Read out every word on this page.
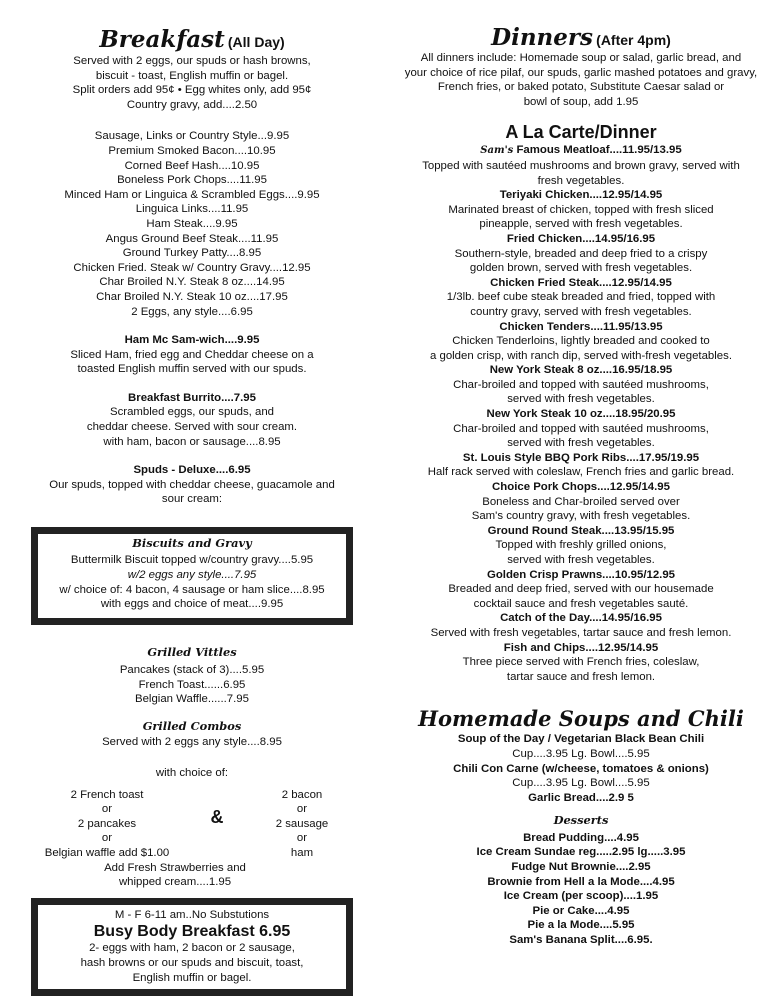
Breakfast (All Day)

Served with 2 eggs, our spuds or hash browns,
biscuit - toast, English muffin or bagel.
Split orders add 95¢ • Egg whites only, add 95¢
Country gravy, add....2.50
Sausage, Links or Country Style...9.95
Premium Smoked Bacon....10.95
Corned Beef Hash....10.95
Boneless Pork Chops....11.95
Minced Ham or Linguica & Scrambled Eggs....9.95
Linguica Links....11.95
Ham Steak....9.95
Angus Ground Beef Steak....11.95
Ground Turkey Patty....8.95
Chicken Fried. Steak w/ Country Gravy....12.95
Char Broiled N.Y. Steak 8 oz....14.95
Char Broiled N.Y. Steak 10 oz....17.95
2 Eggs, any style....6.95
Ham Mc Sam-wich....9.95
Sliced Ham, fried egg and Cheddar cheese on a
toasted English muffin served with our spuds.
Breakfast Burrito....7.95
Scrambled eggs, our spuds, and
cheddar cheese. Served with sour cream.
with ham, bacon or sausage....8.95
Spuds - Deluxe....6.95
Our spuds, topped with cheddar cheese, guacamole and
sour cream:

Biscuits and Gravy

Buttermilk Biscuit topped w/country gravy....5.95
w/2 eggs any style....7.95
w/ choice of: 4 bacon, 4 sausage or ham slice....8.95
with eggs and choice of meat....9.95

Grilled Vittles

Pancakes (stack of 3)....5.95
French Toast......6.95
Belgian Waffle......7.95

Grilled Combos

Served with 2 eggs any style....8.95
with choice of:
2 French toast
or
2 pancakes
or
Belgian waffle add $1.00
&
2 bacon
or
2 sausage
or
ham
Add Fresh Strawberries and
whipped cream....1.95
M - F 6-11 am..No Substutions
Busy Body Breakfast 6.95
2- eggs with ham, 2 bacon or 2 sausage,
hash browns or our spuds and biscuit, toast,
English muffin or bagel.

Dinners (After 4pm)

All dinners include: Homemade soup or salad, garlic bread, and
your choice of rice pilaf, our spuds, garlic mashed potatoes and gravy,
French fries, or baked potato, Substitute Caesar salad or
bowl of soup, add 1.95
A La Carte/Dinner
Sam's Famous Meatloaf....11.95/13.95
Topped with sautéed mushrooms and brown gravy, served with
fresh vegetables.
Teriyaki Chicken....12.95/14.95
Marinated breast of chicken, topped with fresh sliced
pineapple, served with fresh vegetables.
Fried Chicken....14.95/16.95
Southern-style, breaded and deep fried to a crispy
golden brown, served with fresh vegetables.
Chicken Fried Steak....12.95/14.95
1/3lb. beef cube steak breaded and fried, topped with
country gravy, served with fresh vegetables.
Chicken Tenders....11.95/13.95
Chicken Tenderloins, lightly breaded and cooked to
a golden crisp, with ranch dip, served with-fresh vegetables.
New York Steak 8 oz....16.95/18.95
Char-broiled and topped with sautéed mushrooms,
served with fresh vegetables.
New York Steak 10 oz....18.95/20.95
Char-broiled and topped with sautéed mushrooms,
served with fresh vegetables.
St. Louis Style BBQ Pork Ribs....17.95/19.95
Half rack served with coleslaw, French fries and garlic bread.
Choice Pork Chops....12.95/14.95
Boneless and Char-broiled served over
Sam's country gravy, with fresh vegetables.
Ground Round Steak....13.95/15.95
Topped with freshly grilled onions,
served with fresh vegetables.
Golden Crisp Prawns....10.95/12.95
Breaded and deep fried, served with our housemade
cocktail sauce and fresh vegetables sauté.
Catch of the Day....14.95/16.95
Served with fresh vegetables, tartar sauce and fresh lemon.
Fish and Chips....12.95/14.95
Three piece served with French fries, coleslaw,
tartar sauce and fresh lemon.

Homemade Soups and Chili

Soup of the Day / Vegetarian Black Bean Chili
Cup....3.95 Lg. Bowl....5.95
Chili Con Carne (w/cheese, tomatoes & onions)
Cup....3.95 Lg. Bowl....5.95
Garlic Bread....2.9 5

Desserts

Bread Pudding....4.95
Ice Cream Sundae reg.....2.95 lg.....3.95
Fudge Nut Brownie....2.95
Brownie from Hell a la Mode....4.95
Ice Cream (per scoop)....1.95
Pie or Cake....4.95
Pie a la Mode....5.95
Sam's Banana Split....6.95.
